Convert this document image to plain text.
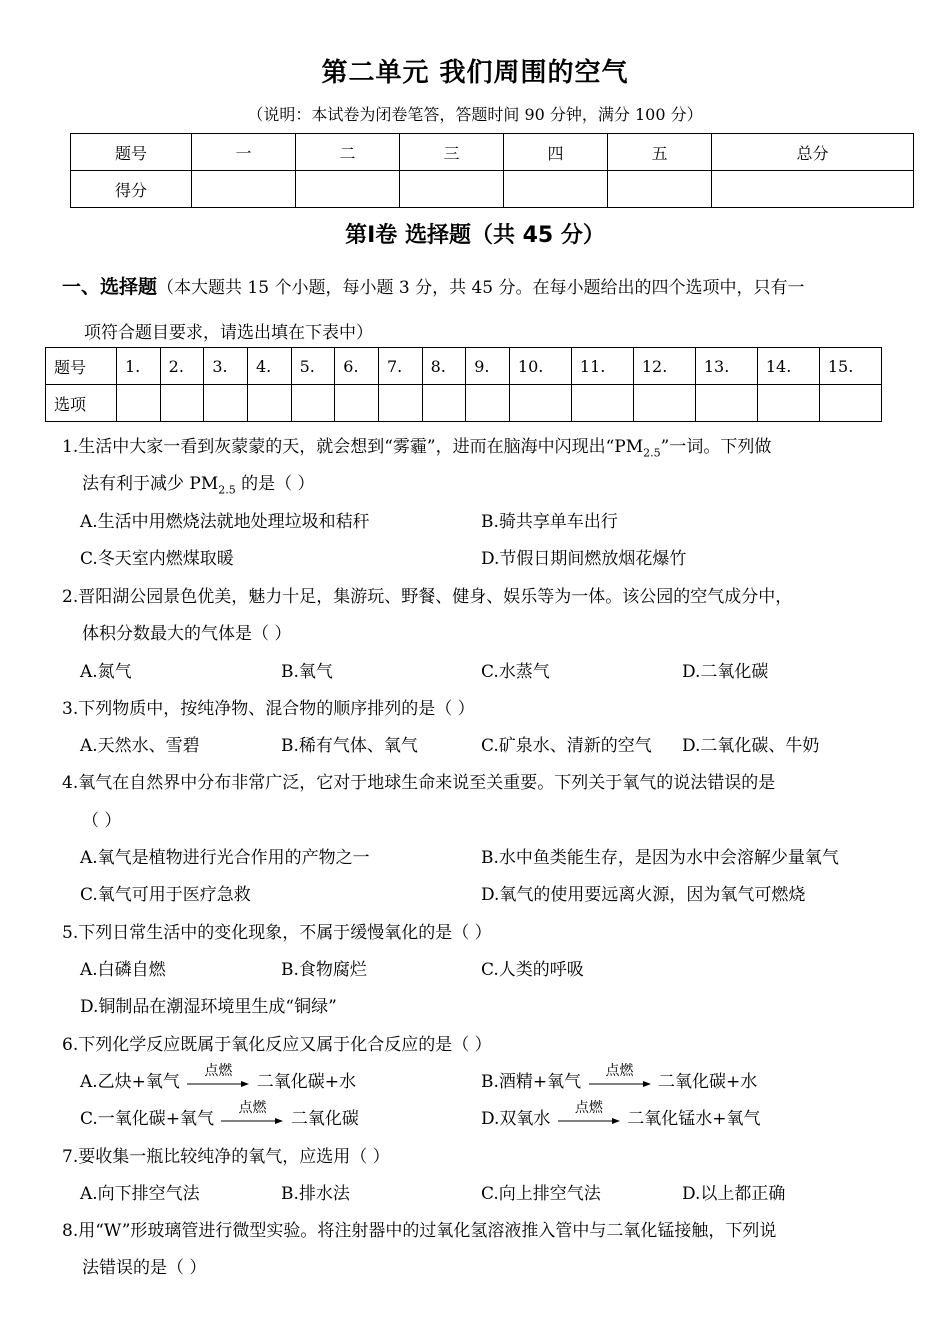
第二单元 我们周围的空气
（说明：本试卷为闭卷笔答，答题时间 90 分钟，满分 100 分）
题号	一	二	三	四	五	总分
得分						
第Ⅰ卷 选择题（共 45 分）
一、选择题（本大题共 15 个小题，每小题 3 分，共 45 分。在每小题给出的四个选项中，只有一
项符合题目要求，请选出填在下表中）
题号	1.	2.	3.	4.	5.	6.	7.	8.	9.	10.	11.	12.	13.	14.	15.
选项															
1.生活中大家一看到灰蒙蒙的天，就会想到“雾霾”，进而在脑海中闪现出“$PM_{2.5}$”一词。下列做
法有利于减少 $PM_{2.5}$ 的是（ ）
A.生活中用燃烧法就地处理垃圾和秸秆	B.骑共享单车出行
C.冬天室内燃煤取暖	D.节假日期间燃放烟花爆竹
2.晋阳湖公园景色优美，魅力十足，集游玩、野餐、健身、娱乐等为一体。该公园的空气成分中，
体积分数最大的气体是（ ）
A.氮气	B.氧气	C.水蒸气	D.二氧化碳
3.下列物质中，按纯净物、混合物的顺序排列的是（ ）
A.天然水、雪碧	B.稀有气体、氧气	C.矿泉水、清新的空气 D.二氧化碳、牛奶
4.氧气在自然界中分布非常广泛，它对于地球生命来说至关重要。下列关于氧气的说法错误的是
（ ）
A.氧气是植物进行光合作用的产物之一	B.水中鱼类能生存，是因为水中会溶解少量氧气
C.氧气可用于医疗急救	D.氧气的使用要远离火源，因为氧气可燃烧
5.下列日常生活中的变化现象，不属于缓慢氧化的是（ ）
A.白磷自燃	B.食物腐烂	C.人类的呼吸
D.铜制品在潮湿环境里生成“铜绿”
6.下列化学反应既属于氧化反应又属于化合反应的是（ ）
A.乙炔+氧气
点燃
二氧化碳+水	B.酒精+氧气
点燃
二氧化碳+水
C.一氧化碳+氧气
点燃
二氧化碳	D.双氧水
点燃
二氧化锰水+氧气
7.要收集一瓶比较纯净的氧气，应选用（ ）
A.向下排空气法	B.排水法	C.向上排空气法	D.以上都正确
8.用“W”形玻璃管进行微型实验。将注射器中的过氧化氢溶液推入管中与二氧化锰接触，下列说
法错误的是（ ）
